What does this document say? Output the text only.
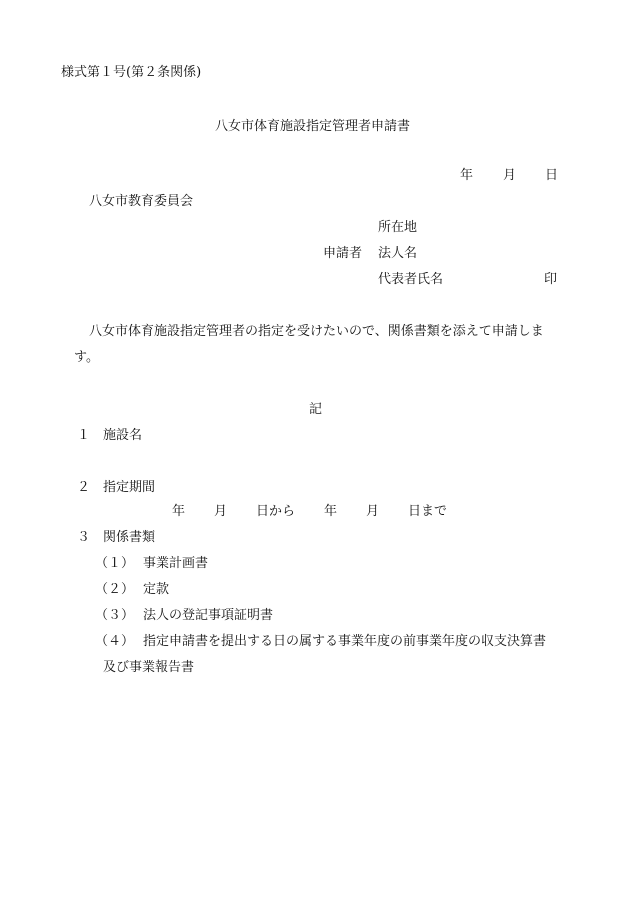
様式第１号(第２条関係)
八女市体育施設指定管理者申請書
年 月 日
八女市教育委員会
所在地
申請者 法人名
代表者氏名	印
八女市体育施設指定管理者の指定を受けたいので、関係書類を添えて申請しま
す。
記
１ 施設名
２ 指定期間
年 月 日から 年 月 日まで
３ 関係書類
（１） 事業計画書
（２） 定款
（３） 法人の登記事項証明書
（４） 指定申請書を提出する日の属する事業年度の前事業年度の収支決算書
及び事業報告書
